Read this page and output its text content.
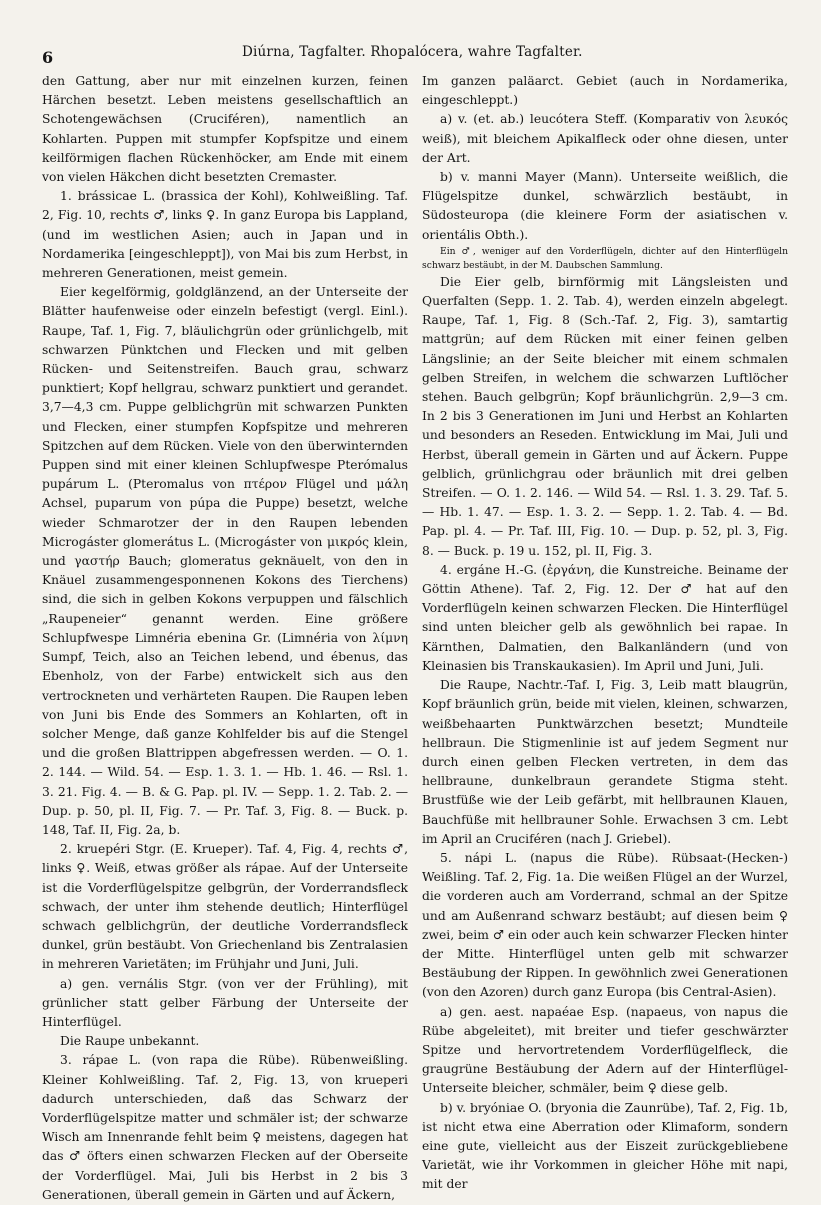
6	Diúrna, Tagfalter. Rhopalócera, wahre Tagfalter.

den Gattung, aber nur mit einzelnen kurzen, feinen Härchen besetzt. Leben meistens gesellschaftlich an Schotengewächsen (Cruciféren), namentlich an Kohlarten. Puppen mit stumpfer Kopfspitze und einem keilförmigen flachen Rückenhöcker, am Ende mit einem von vielen Häkchen dicht besetzten Cremaster.

1. brássicae L. (brassica der Kohl), Kohlweißling. Taf. 2, Fig. 10, rechts ♂, links ♀. In ganz Europa bis Lappland, (und im westlichen Asien; auch in Japan und in Nordamerika [eingeschleppt]), von Mai bis zum Herbst, in mehreren Generationen, meist gemein.

Eier kegelförmig, goldglänzend, an der Unterseite der Blätter haufenweise oder einzeln befestigt (vergl. Einl.). Raupe, Taf. 1, Fig. 7, bläulichgrün oder grünlichgelb, mit schwarzen Pünktchen und Flecken und mit gelben Rücken- und Seitenstreifen. Bauch grau, schwarz punktiert; Kopf hellgrau, schwarz punktiert und gerandet. 3,7—4,3 cm. Puppe gelblichgrün mit schwarzen Punkten und Flecken, einer stumpfen Kopfspitze und mehreren Spitzchen auf dem Rücken. Viele von den überwinternden Puppen sind mit einer kleinen Schlupfwespe Pterómalus pupárum L. (Pteromalus von πτέρον Flügel und μάλη Achsel, puparum von púpa die Puppe) besetzt, welche wieder Schmarotzer der in den Raupen lebenden Microgáster glomerátus L. (Microgáster von μικρός klein, und γαστήρ Bauch; glomeratus geknäuelt, von den in Knäuel zusammengesponnenen Kokons des Tierchens) sind, die sich in gelben Kokons verpuppen und fälschlich „Raupeneier“ genannt werden. Eine größere Schlupfwespe Limnéria ebenina Gr. (Limnéria von λίμνη Sumpf, Teich, also an Teichen lebend, und ébenus, das Ebenholz, von der Farbe) entwickelt sich aus den vertrockneten und verhärteten Raupen. Die Raupen leben von Juni bis Ende des Sommers an Kohlarten, oft in solcher Menge, daß ganze Kohlfelder bis auf die Stengel und die großen Blattrippen abgefressen werden. — O. 1. 2. 144. — Wild. 54. — Esp. 1. 3. 1. — Hb. 1. 46. — Rsl. 1. 3. 21. Fig. 4. — B. & G. Pap. pl. IV. — Sepp. 1. 2. Tab. 2. — Dup. p. 50, pl. II, Fig. 7. — Pr. Taf. 3, Fig. 8. — Buck. p. 148, Taf. II, Fig. 2a, b.

2. kruepéri Stgr. (E. Krueper). Taf. 4, Fig. 4, rechts ♂, links ♀. Weiß, etwas größer als rápae. Auf der Unterseite ist die Vorderflügelspitze gelbgrün, der Vorderrandsfleck schwach, der unter ihm stehende deutlich; Hinterflügel schwach gelblichgrün, der deutliche Vorderrandsfleck dunkel, grün bestäubt. Von Griechenland bis Zentralasien in mehreren Varietäten; im Frühjahr und Juni, Juli.

a) gen. vernális Stgr. (von ver der Frühling), mit grünlicher statt gelber Färbung der Unterseite der Hinterflügel.

Die Raupe unbekannt.

3. rápae L. (von rapa die Rübe). Rübenweißling. Kleiner Kohlweißling. Taf. 2, Fig. 13, von krueperi dadurch unterschieden, daß das Schwarz der Vorderflügelspitze matter und schmäler ist; der schwarze Wisch am Innenrande fehlt beim ♀ meistens, dagegen hat das ♂ öfters einen schwarzen Flecken auf der Oberseite der Vorderflügel. Mai, Juli bis Herbst in 2 bis 3 Generationen, überall gemein in Gärten und auf Äckern,

Im ganzen paläarct. Gebiet (auch in Nordamerika, eingeschleppt.)

a) v. (et. ab.) leucótera Steff. (Komparativ von λευκός weiß), mit bleichem Apikalfleck oder ohne diesen, unter der Art.

b) v. manni Mayer (Mann). Unterseite weißlich, die Flügelspitze dunkel, schwärzlich bestäubt, in Südosteuropa (die kleinere Form der asiatischen v. orientális Obth.).

Ein ♂, weniger auf den Vorderflügeln, dichter auf den Hinterflügeln schwarz bestäubt, in der M. Daubschen Sammlung.

Die Eier gelb, birnförmig mit Längsleisten und Querfalten (Sepp. 1. 2. Tab. 4), werden einzeln abgelegt. Raupe, Taf. 1, Fig. 8 (Sch.-Taf. 2, Fig. 3), samtartig mattgrün; auf dem Rücken mit einer feinen gelben Längslinie; an der Seite bleicher mit einem schmalen gelben Streifen, in welchem die schwarzen Luftlöcher stehen. Bauch gelbgrün; Kopf bräunlichgrün. 2,9—3 cm. In 2 bis 3 Generationen im Juni und Herbst an Kohlarten und besonders an Reseden. Entwicklung im Mai, Juli und Herbst, überall gemein in Gärten und auf Äckern. Puppe gelblich, grünlichgrau oder bräunlich mit drei gelben Streifen. — O. 1. 2. 146. — Wild 54. — Rsl. 1. 3. 29. Taf. 5. — Hb. 1. 47. — Esp. 1. 3. 2. — Sepp. 1. 2. Tab. 4. — Bd. Pap. pl. 4. — Pr. Taf. III, Fig. 10. — Dup. p. 52, pl. 3, Fig. 8. — Buck. p. 19 u. 152, pl. II, Fig. 3.

4. ergáne H.-G. (ἐργάνη, die Kunstreiche. Beiname der Göttin Athene). Taf. 2, Fig. 12. Der ♂ hat auf den Vorderflügeln keinen schwarzen Flecken. Die Hinterflügel sind unten bleicher gelb als gewöhnlich bei rapae. In Kärnthen, Dalmatien, den Balkanländern (und von Kleinasien bis Transkaukasien). Im April und Juni, Juli.

Die Raupe, Nachtr.-Taf. I, Fig. 3, Leib matt blaugrün, Kopf bräunlich grün, beide mit vielen, kleinen, schwarzen, weißbehaarten Punktwärzchen besetzt; Mundteile hellbraun. Die Stigmenlinie ist auf jedem Segment nur durch einen gelben Flecken vertreten, in dem das hellbraune, dunkelbraun gerandete Stigma steht. Brustfüße wie der Leib gefärbt, mit hellbraunen Klauen, Bauchfüße mit hellbrauner Sohle. Erwachsen 3 cm. Lebt im April an Cruciféren (nach J. Griebel).

5. nápi L. (napus die Rübe). Rübsaat-(Hecken-) Weißling. Taf. 2, Fig. 1a. Die weißen Flügel an der Wurzel, die vorderen auch am Vorderrand, schmal an der Spitze und am Außenrand schwarz bestäubt; auf diesen beim ♀ zwei, beim ♂ ein oder auch kein schwarzer Flecken hinter der Mitte. Hinterflügel unten gelb mit schwarzer Bestäubung der Rippen. In gewöhnlich zwei Generationen (von den Azoren) durch ganz Europa (bis Central-Asien).

a) gen. aest. napaéae Esp. (napaeus, von napus die Rübe abgeleitet), mit breiter und tiefer geschwärzter Spitze und hervortretendem Vorderflügelfleck, die graugrüne Bestäubung der Adern auf der Hinterflügel-Unterseite bleicher, schmäler, beim ♀ diese gelb.

b) v. bryóniae O. (bryonia die Zaunrübe), Taf. 2, Fig. 1b, ist nicht etwa eine Aberration oder Klimaform, sondern eine gute, vielleicht aus der Eiszeit zurückgebliebene Varietät, wie ihr Vorkommen in gleicher Höhe mit napi, mit der
